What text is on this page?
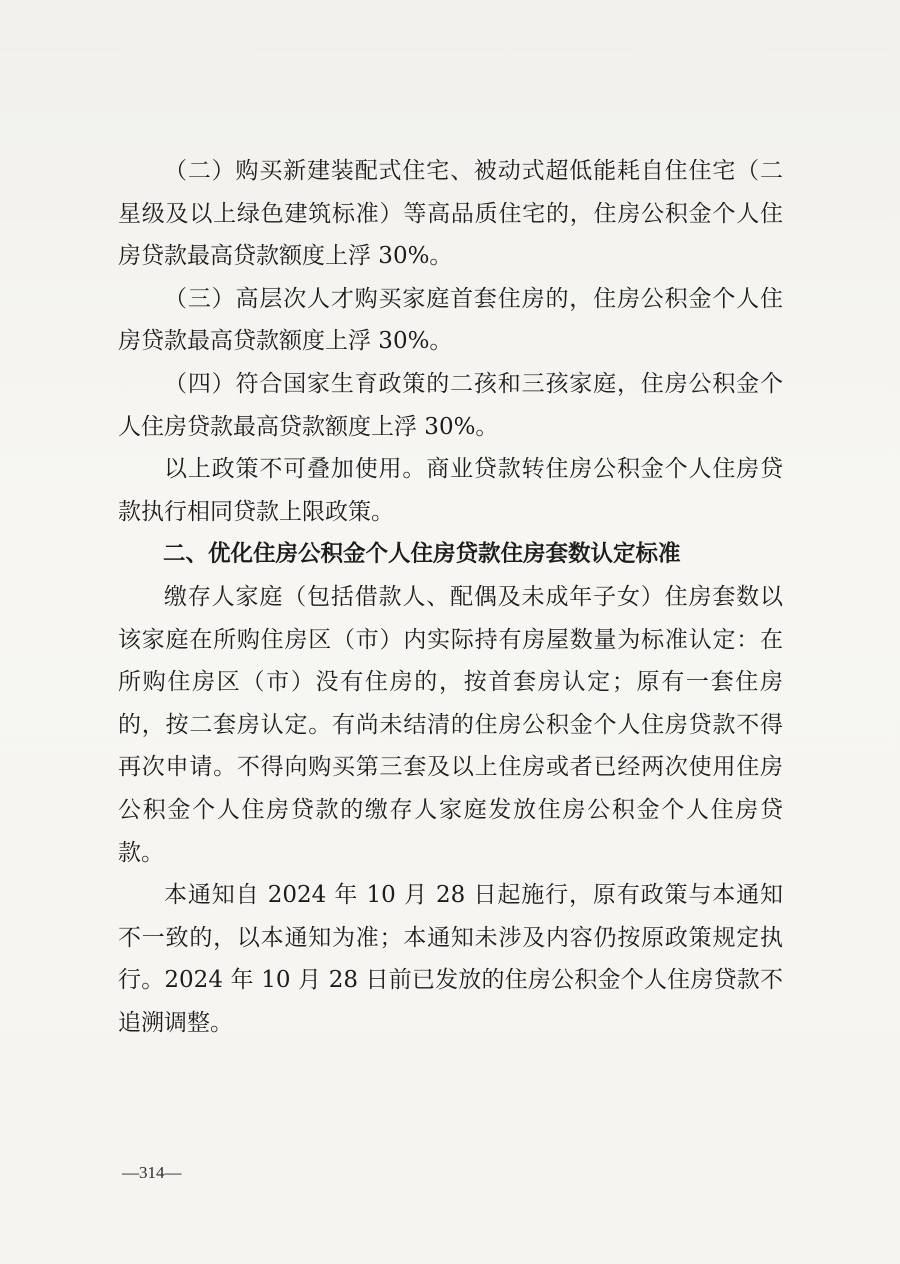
（二）购买新建装配式住宅、被动式超低能耗自住住宅（二星级及以上绿色建筑标准）等高品质住宅的，住房公积金个人住房贷款最高贷款额度上浮 30%。

（三）高层次人才购买家庭首套住房的，住房公积金个人住房贷款最高贷款额度上浮 30%。

（四）符合国家生育政策的二孩和三孩家庭，住房公积金个人住房贷款最高贷款额度上浮 30%。

以上政策不可叠加使用。商业贷款转住房公积金个人住房贷款执行相同贷款上限政策。

二、优化住房公积金个人住房贷款住房套数认定标准

缴存人家庭（包括借款人、配偶及未成年子女）住房套数以该家庭在所购住房区（市）内实际持有房屋数量为标准认定：在所购住房区（市）没有住房的，按首套房认定；原有一套住房的，按二套房认定。有尚未结清的住房公积金个人住房贷款不得再次申请。不得向购买第三套及以上住房或者已经两次使用住房公积金个人住房贷款的缴存人家庭发放住房公积金个人住房贷款。

本通知自 2024 年 10 月 28 日起施行，原有政策与本通知不一致的，以本通知为准；本通知未涉及内容仍按原政策规定执行。2024 年 10 月 28 日前已发放的住房公积金个人住房贷款不追溯调整。

—314—
